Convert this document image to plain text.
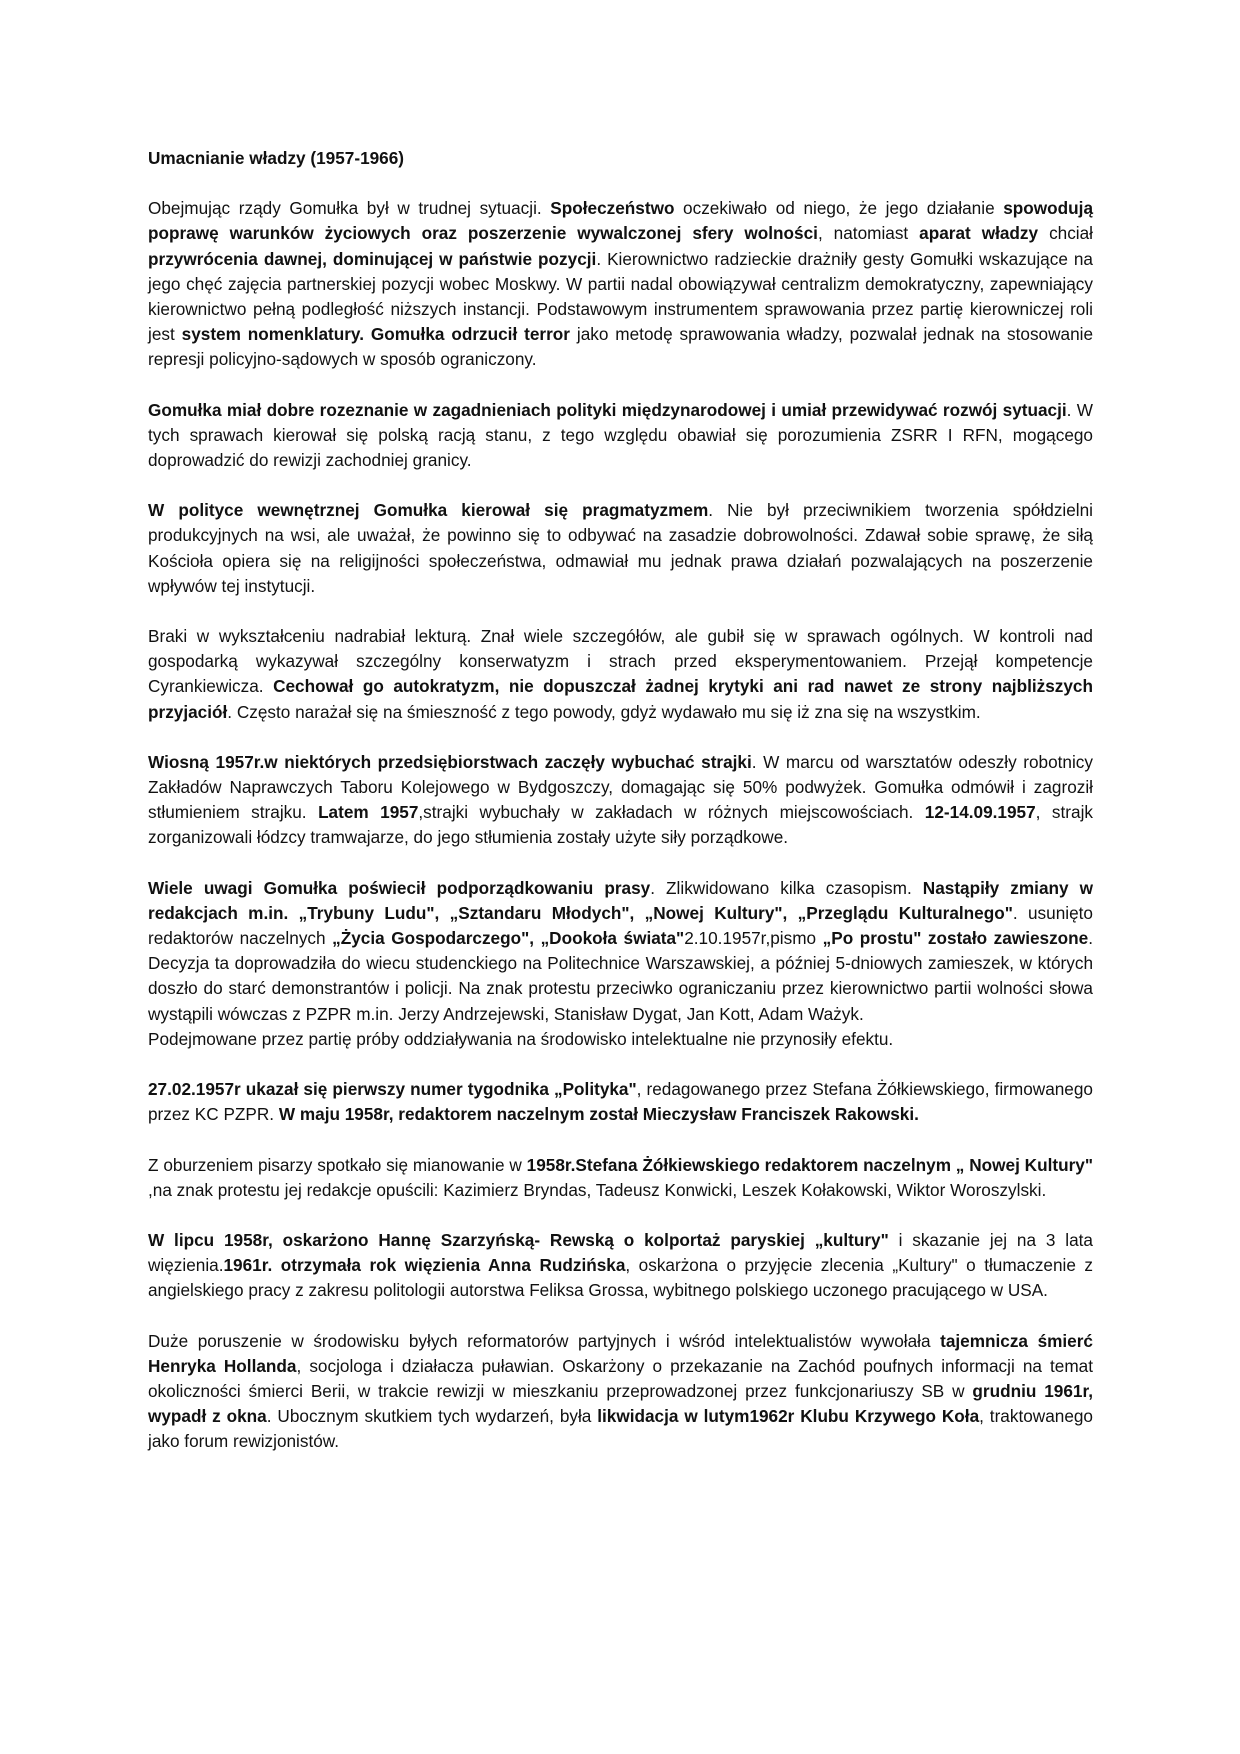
Umacnianie władzy (1957-1966)

Obejmując rządy Gomułka był w trudnej sytuacji. Społeczeństwo oczekiwało od niego, że jego działanie spowodują poprawę warunków życiowych oraz poszerzenie wywalczonej sfery wolności, natomiast aparat władzy chciał przywrócenia dawnej, dominującej w państwie pozycji. Kierownictwo radzieckie drażniły gesty Gomułki wskazujące na jego chęć zajęcia partnerskiej pozycji wobec Moskwy. W partii nadal obowiązywał centralizm demokratyczny, zapewniający kierownictwo pełną podległość niższych instancji. Podstawowym instrumentem sprawowania przez partię kierowniczej roli jest system nomenklatury. Gomułka odrzucił terror jako metodę sprawowania władzy, pozwalał jednak na stosowanie represji policyjno-sądowych w sposób ograniczony.

Gomułka miał dobre rozeznanie w zagadnieniach polityki międzynarodowej i umiał przewidywać rozwój sytuacji. W tych sprawach kierował się polską racją stanu, z tego względu obawiał się porozumienia ZSRR I RFN, mogącego doprowadzić do rewizji zachodniej granicy.

W polityce wewnętrznej Gomułka kierował się pragmatyzmem. Nie był przeciwnikiem tworzenia spółdzielni produkcyjnych na wsi, ale uważał, że powinno się to odbywać na zasadzie dobrowolności. Zdawał sobie sprawę, że siłą Kościoła opiera się na religijności społeczeństwa, odmawiał mu jednak prawa działań pozwalających na poszerzenie wpływów tej instytucji.

Braki w wykształceniu nadrabiał lekturą. Znał wiele szczegółów, ale gubił się w sprawach ogólnych. W kontroli nad gospodarką wykazywał szczególny konserwatyzm i strach przed eksperymentowaniem. Przejął kompetencje Cyrankiewicza. Cechował go autokratyzm, nie dopuszczał żadnej krytyki ani rad nawet ze strony najbliższych przyjaciół. Często narażał się na śmieszność z tego powody, gdyż wydawało mu się iż zna się na wszystkim.

Wiosną 1957r.w niektórych przedsiębiorstwach zaczęły wybuchać strajki. W marcu od warsztatów odeszły robotnicy Zakładów Naprawczych Taboru Kolejowego w Bydgoszczy, domagając się 50% podwyżek. Gomułka odmówił i zagroził stłumieniem strajku. Latem 1957,strajki wybuchały w zakładach w różnych miejscowościach. 12-14.09.1957, strajk zorganizowali łódzcy tramwajarze, do jego stłumienia zostały użyte siły porządkowe.

Wiele uwagi Gomułka poświecił podporządkowaniu prasy. Zlikwidowano kilka czasopism. Nastąpiły zmiany w redakcjach m.in. „Trybuny Ludu", „Sztandaru Młodych", „Nowej Kultury", „Przeglądu Kulturalnego". usunięto redaktorów naczelnych „Życia Gospodarczego", „Dookoła świata"2.10.1957r,pismo „Po prostu" zostało zawieszone. Decyzja ta doprowadziła do wiecu studenckiego na Politechnice Warszawskiej, a później 5-dniowych zamieszek, w których doszło do starć demonstrantów i policji. Na znak protestu przeciwko ograniczaniu przez kierownictwo partii wolności słowa wystąpili wówczas z PZPR m.in. Jerzy Andrzejewski, Stanisław Dygat, Jan Kott, Adam Ważyk.

Podejmowane przez partię próby oddziaływania na środowisko intelektualne nie przynosiły efektu.

27.02.1957r ukazał się pierwszy numer tygodnika „Polityka", redagowanego przez Stefana Żółkiewskiego, firmowanego przez KC PZPR. W maju 1958r, redaktorem naczelnym został Mieczysław Franciszek Rakowski.

Z oburzeniem pisarzy spotkało się mianowanie w 1958r.Stefana Żółkiewskiego redaktorem naczelnym „ Nowej Kultury" ,na znak protestu jej redakcje opuścili: Kazimierz Bryndas, Tadeusz Konwicki, Leszek Kołakowski, Wiktor Woroszylski.

W lipcu 1958r, oskarżono Hannę Szarzyńską- Rewską o kolportaż paryskiej „kultury" i skazanie jej na 3 lata więzienia.1961r. otrzymała rok więzienia Anna Rudzińska, oskarżona o przyjęcie zlecenia „Kultury" o tłumaczenie z angielskiego pracy z zakresu politologii autorstwa Feliksa Grossa, wybitnego polskiego uczonego pracującego w USA.

Duże poruszenie w środowisku byłych reformatorów partyjnych i wśród intelektualistów wywołała tajemnicza śmierć Henryka Hollanda, socjologa i działacza puławian. Oskarżony o przekazanie na Zachód poufnych informacji na temat okoliczności śmierci Berii, w trakcie rewizji w mieszkaniu przeprowadzonej przez funkcjonariuszy SB w grudniu 1961r, wypadł z okna. Ubocznym skutkiem tych wydarzeń, była likwidacja w lutym1962r Klubu Krzywego Koła, traktowanego jako forum rewizjonistów.
